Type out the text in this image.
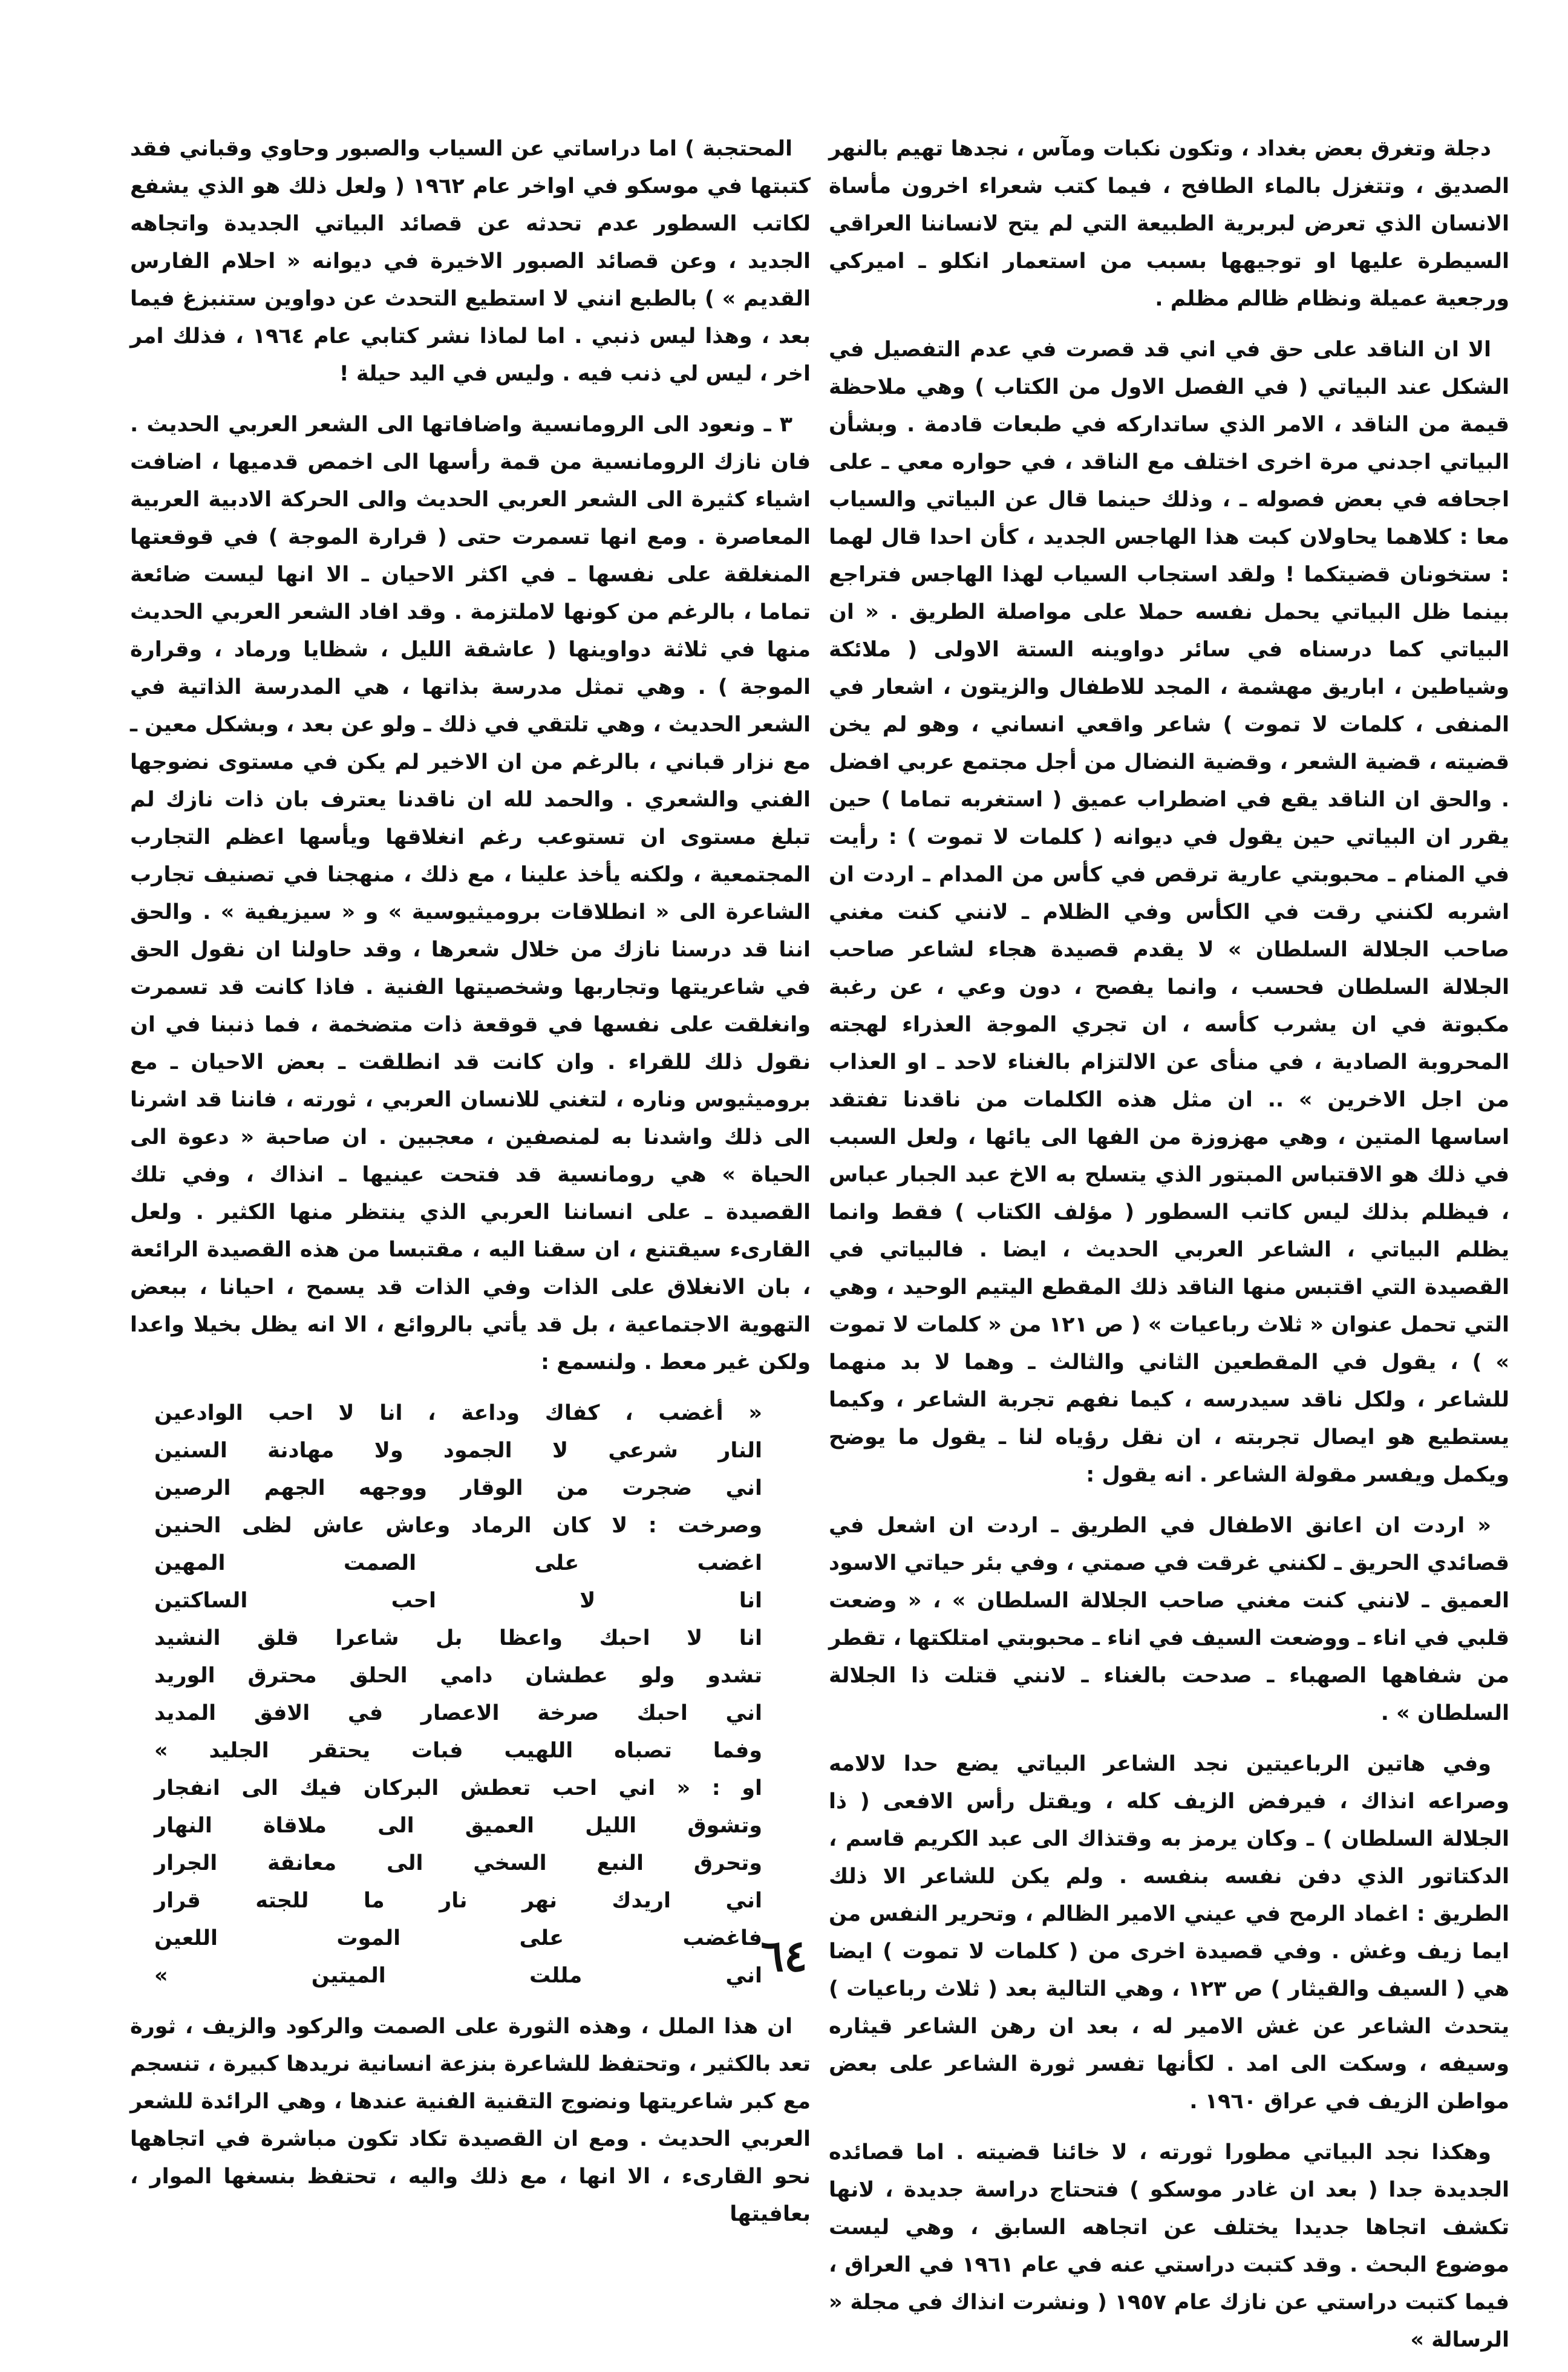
دجلة وتغرق بعض بغداد ، وتكون نكبات ومآس ، نجدها تهيم بالنهر الصديق ، وتتغزل بالماء الطافح ، فيما كتب شعراء اخرون مأساة الانسان الذي تعرض لبربرية الطبيعة التي لم يتح لانساننا العراقي السيطرة عليها او توجيهها بسبب من استعمار انكلو ـ اميركي ورجعية عميلة ونظام ظالم مظلم .

الا ان الناقد على حق في اني قد قصرت في عدم التفصيل في الشكل عند البياتي ( في الفصل الاول من الكتاب ) وهي ملاحظة قيمة من الناقد ، الامر الذي ساتداركه في طبعات قادمة . وبشأن البياتي اجدني مرة اخرى اختلف مع الناقد ، في حواره معي ـ على اجحافه في بعض فصوله ـ ، وذلك حينما قال عن البياتي والسياب معا : كلاهما يحاولان كبت هذا الهاجس الجديد ، كأن احدا قال لهما : ستخونان قضيتكما ! ولقد استجاب السياب لهذا الهاجس فتراجع بينما ظل البياتي يحمل نفسه حملا على مواصلة الطريق . « ان البياتي كما درسناه في سائر دواوينه الستة الاولى ( ملائكة وشياطين ، اباريق مهشمة ، المجد للاطفال والزيتون ، اشعار في المنفى ، كلمات لا تموت ) شاعر واقعي انساني ، وهو لم يخن قضيته ، قضية الشعر ، وقضية النضال من أجل مجتمع عربي افضل . والحق ان الناقد يقع في اضطراب عميق ( استغربه تماما ) حين يقرر ان البياتي حين يقول في ديوانه ( كلمات لا تموت ) : رأيت في المنام ـ محبوبتي عارية ترقص في كأس من المدام ـ اردت ان اشربه لكنني رقت في الكأس وفي الظلام ـ لانني كنت مغني صاحب الجلالة السلطان » لا يقدم قصيدة هجاء لشاعر صاحب الجلالة السلطان فحسب ، وانما يفصح ، دون وعي ، عن رغبة مكبوتة في ان يشرب كأسه ، ان تجري الموجة العذراء لهجته المحروبة الصادية ، في منأى عن الالتزام بالغناء لاحد ـ او العذاب من اجل الاخرين » .. ان مثل هذه الكلمات من ناقدنا تفتقد اساسها المتين ، وهي مهزوزة من الفها الى يائها ، ولعل السبب في ذلك هو الاقتباس المبتور الذي يتسلح به الاخ عبد الجبار عباس ، فيظلم بذلك ليس كاتب السطور ( مؤلف الكتاب ) فقط وانما يظلم البياتي ، الشاعر العربي الحديث ، ايضا . فالبياتي في القصيدة التي اقتبس منها الناقد ذلك المقطع اليتيم الوحيد ، وهي التي تحمل عنوان « ثلاث رباعيات » ( ص ١٢١ من « كلمات لا تموت » ) ، يقول في المقطعين الثاني والثالث ـ وهما لا بد منهما للشاعر ، ولكل ناقد سيدرسه ، كيما نفهم تجربة الشاعر ، وكيما يستطيع هو ايصال تجربته ، ان نقل رؤياه لنا ـ يقول ما يوضح ويكمل ويفسر مقولة الشاعر . انه يقول :

« اردت ان اعانق الاطفال في الطريق ـ اردت ان اشعل في قصائدي الحريق ـ لكنني غرقت في صمتي ، وفي بئر حياتي الاسود العميق ـ لانني كنت مغني صاحب الجلالة السلطان » ، « وضعت قلبي في اناء ـ ووضعت السيف في اناء ـ محبوبتي امتلكتها ، تقطر من شفاهها الصهباء ـ صدحت بالغناء ـ لانني قتلت ذا الجلالة السلطان » .

وفي هاتين الرباعيتين نجد الشاعر البياتي يضع حدا لالامه وصراعه انذاك ، فيرفض الزيف كله ، ويقتل رأس الافعى ( ذا الجلالة السلطان ) ـ وكان يرمز به وقتذاك الى عبد الكريم قاسم ، الدكتاتور الذي دفن نفسه بنفسه . ولم يكن للشاعر الا ذلك الطريق : اغماد الرمح في عيني الامير الظالم ، وتحرير النفس من ايما زيف وغش . وفي قصيدة اخرى من ( كلمات لا تموت ) ايضا هي ( السيف والقيثار ) ص ١٢٣ ، وهي التالية بعد ( ثلاث رباعيات ) يتحدث الشاعر عن غش الامير له ، بعد ان رهن الشاعر قيثاره وسيفه ، وسكت الى امد . لكأنها تفسر ثورة الشاعر على بعض مواطن الزيف في عراق ١٩٦٠ .

وهكذا نجد البياتي مطورا ثورته ، لا خائنا قضيته . اما قصائده الجديدة جدا ( بعد ان غادر موسكو ) فتحتاج دراسة جديدة ، لانها تكشف اتجاها جديدا يختلف عن اتجاهه السابق ، وهي ليست موضوع البحث . وقد كتبت دراستي عنه في عام ١٩٦١ في العراق ، فيما كتبت دراستي عن نازك عام ١٩٥٧ ( ونشرت انذاك في مجلة « الرسالة »

المحتجبة ) اما دراساتي عن السياب والصبور وحاوي وقباني فقد كتبتها في موسكو في اواخر عام ١٩٦٢ ( ولعل ذلك هو الذي يشفع لكاتب السطور عدم تحدثه عن قصائد البياتي الجديدة واتجاهه الجديد ، وعن قصائد الصبور الاخيرة في ديوانه « احلام الفارس القديم » ) بالطبع انني لا استطيع التحدث عن دواوين ستنبزغ فيما بعد ، وهذا ليس ذنبي . اما لماذا نشر كتابي عام ١٩٦٤ ، فذلك امر اخر ، ليس لي ذنب فيه . وليس في اليد حيلة !

٣ ـ ونعود الى الرومانسية واضافاتها الى الشعر العربي الحديث . فان نازك الرومانسية من قمة رأسها الى اخمص قدميها ، اضافت اشياء كثيرة الى الشعر العربي الحديث والى الحركة الادبية العربية المعاصرة . ومع انها تسمرت حتى ( قرارة الموجة ) في قوقعتها المنغلقة على نفسها ـ في اكثر الاحيان ـ الا انها ليست ضائعة تماما ، بالرغم من كونها لاملتزمة . وقد افاد الشعر العربي الحديث منها في ثلاثة دواوينها ( عاشقة الليل ، شظايا ورماد ، وقرارة الموجة ) . وهي تمثل مدرسة بذاتها ، هي المدرسة الذاتية في الشعر الحديث ، وهي تلتقي في ذلك ـ ولو عن بعد ، وبشكل معين ـ مع نزار قباني ، بالرغم من ان الاخير لم يكن في مستوى نضوجها الفني والشعري . والحمد لله ان ناقدنا يعترف بان ذات نازك لم تبلغ مستوى ان تستوعب رغم انغلاقها ويأسها اعظم التجارب المجتمعية ، ولكنه يأخذ علينا ، مع ذلك ، منهجنا في تصنيف تجارب الشاعرة الى « انطلاقات بروميثيوسية » و « سيزيفية » . والحق اننا قد درسنا نازك من خلال شعرها ، وقد حاولنا ان نقول الحق في شاعريتها وتجاربها وشخصيتها الفنية . فاذا كانت قد تسمرت وانغلقت على نفسها في قوقعة ذات متضخمة ، فما ذنبنا في ان نقول ذلك للقراء . وان كانت قد انطلقت ـ بعض الاحيان ـ مع بروميثيوس وناره ، لتغني للانسان العربي ، ثورته ، فاننا قد اشرنا الى ذلك واشدنا به لمنصفين ، معجبين . ان صاحبة « دعوة الى الحياة » هي رومانسية قد فتحت عينيها ـ انذاك ، وفي تلك القصيدة ـ على انساننا العربي الذي ينتظر منها الكثير . ولعل القارىء سيقتنع ، ان سقنا اليه ، مقتبسا من هذه القصيدة الرائعة ، بان الانغلاق على الذات وفي الذات قد يسمح ، احيانا ، ببعض التهوية الاجتماعية ، بل قد يأتي بالروائع ، الا انه يظل بخيلا واعدا ولكن غير معط . ولنسمع :

« أغضب ، كفاك وداعة ، انا لا احب الوادعين
النار شرعي لا الجمود ولا مهادنة السنين
اني ضجرت من الوقار ووجهه الجهم الرصين
وصرخت : لا كان الرماد وعاش عاش لظى الحنين
اغضب على الصمت المهين
انا لا احب الساكتين
انا لا احبك واعظا بل شاعرا قلق النشيد
تشدو ولو عطشان دامي الحلق محترق الوريد
اني احبك صرخة الاعصار في الافق المديد
وفما تصباه اللهيب فبات يحتقر الجليد »
او : « اني احب تعطش البركان فيك الى انفجار
وتشوق الليل العميق الى ملاقاة النهار
وتحرق النبع السخي الى معانقة الجرار
اني اريدك نهر نار ما للجته قرار
فاغضب على الموت اللعين
اني مللت الميتين »

ان هذا الملل ، وهذه الثورة على الصمت والركود والزيف ، ثورة تعد بالكثير ، وتحتفظ للشاعرة بنزعة انسانية نريدها كبيرة ، تنسجم مع كبر شاعريتها ونضوج التقنية الفنية عندها ، وهي الرائدة للشعر العربي الحديث . ومع ان القصيدة تكاد تكون مباشرة في اتجاهها نحو القارىء ، الا انها ، مع ذلك واليه ، تحتفظ بنسغها الموار ، بعافيتها

٦٤
